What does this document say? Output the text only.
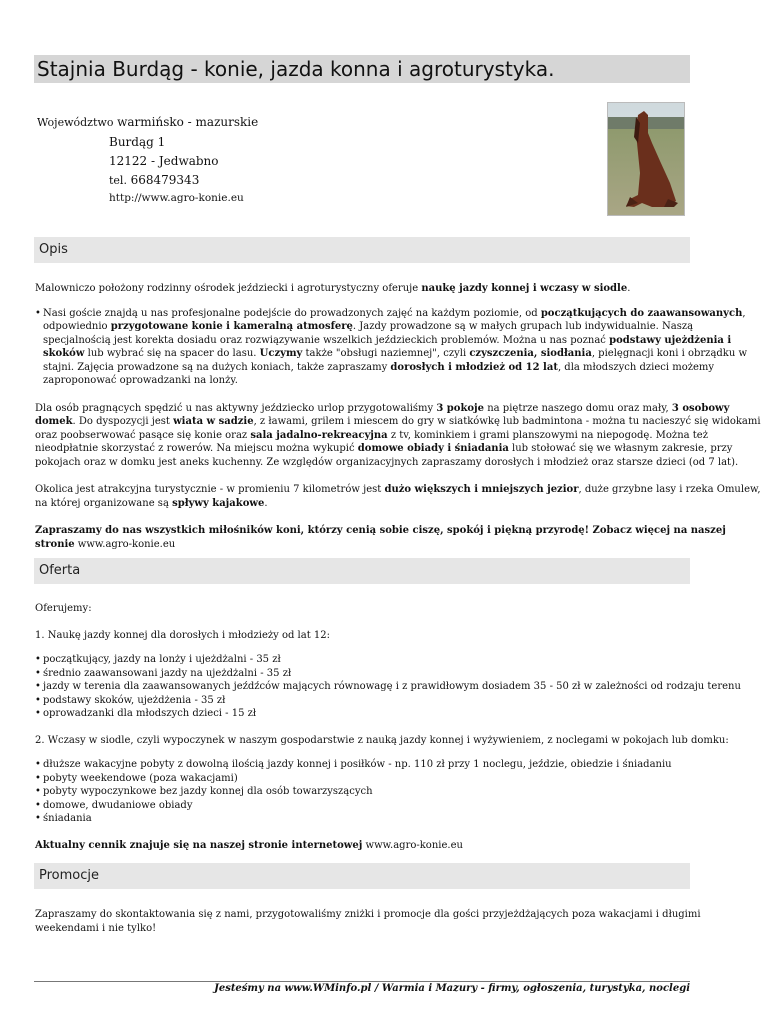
Stajnia Burdąg - konie, jazda konna i agroturystyka.
Województwo warmińsko - mazurskie
Burdąg 1
12122 - Jedwabno
tel. 668479343
http://www.agro-konie.eu
Opis

Malowniczo położony rodzinny ośrodek jeździecki i agroturystyczny oferuje naukę jazdy konnej i wczasy w siodle.

• Nasi goście znajdą u nas profesjonalne podejście do prowadzonych zajęć na każdym poziomie, od początkujących do zaawansowanych,
odpowiednio przygotowane konie i kameralną atmosferę. Jazdy prowadzone są w małych grupach lub indywidualnie. Naszą
specjalnością jest korekta dosiadu oraz rozwiązywanie wszelkich jeździeckich problemów. Można u nas poznać podstawy ujeżdżenia i
skoków lub wybrać się na spacer do lasu. Uczymy także "obsługi naziemnej", czyli czyszczenia, siodłania, pielęgnacji koni i obrządku w
stajni. Zajęcia prowadzone są na dużych koniach, także zapraszamy dorosłych i młodzież od 12 lat, dla młodszych dzieci możemy
zaproponować oprowadzanki na lonży.
Dla osób pragnących spędzić u nas aktywny jeździecko urlop przygotowaliśmy 3 pokoje na piętrze naszego domu oraz mały, 3 osobowy
domek. Do dyspozycji jest wiata w sadzie, z ławami, grilem i miescem do gry w siatkówkę lub badmintona - można tu nacieszyć się widokami
oraz poobserwować pasące się konie oraz sala jadalno-rekreacyjna z tv, kominkiem i grami planszowymi na niepogodę. Można też
nieodpłatnie skorzystać z rowerów. Na miejscu można wykupić domowe obiady i śniadania lub stołować się we własnym zakresie, przy
pokojach oraz w domku jest aneks kuchenny. Ze względów organizacyjnych zapraszamy dorosłych i młodzież oraz starsze dzieci (od 7 lat).
Okolica jest atrakcyjna turystycznie - w promieniu 7 kilometrów jest dużo większych i mniejszych jezior, duże grzybne lasy i rzeka Omulew,
na której organizowane są spływy kajakowe.
Zapraszamy do nas wszystkich miłośników koni, którzy cenią sobie ciszę, spokój i piękną przyrodę! Zobacz więcej na naszej
stronie www.agro-konie.eu
Oferta

Oferujemy:

1. Naukę jazdy konnej dla dorosłych i młodzieży od lat 12:

• początkujący, jazdy na lonży i ujeżdżalni - 35 zł
• średnio zaawansowani jazdy na ujeżdżalni - 35 zł
• jazdy w terenia dla zaawansowanych jeźdźców mających równowagę i z prawidłowym dosiadem 35 - 50 zł w zależności od rodzaju terenu
• podstawy skoków, ujeżdżenia - 35 zł
• oprowadzanki dla młodszych dzieci - 15 zł

2. Wczasy w siodle, czyli wypoczynek w naszym gospodarstwie z nauką jazdy konnej i wyżywieniem, z noclegami w pokojach lub domku:

• dłuższe wakacyjne pobyty z dowolną ilością jazdy konnej i posiłków - np. 110 zł przy 1 noclegu, jeździe, obiedzie i śniadaniu
• pobyty weekendowe (poza wakacjami)
• pobyty wypoczynkowe bez jazdy konnej dla osób towarzyszących
• domowe, dwudaniowe obiady
• śniadania

Aktualny cennik znajuje się na naszej stronie internetowej www.agro-konie.eu

Promocje
Zapraszamy do skontaktowania się z nami, przygotowaliśmy zniżki i promocje dla gości przyjeżdżających poza wakacjami i długimi
weekendami i nie tylko!
Jesteśmy na www.WMinfo.pl / Warmia i Mazury - firmy, ogłoszenia, turystyka, noclegi
